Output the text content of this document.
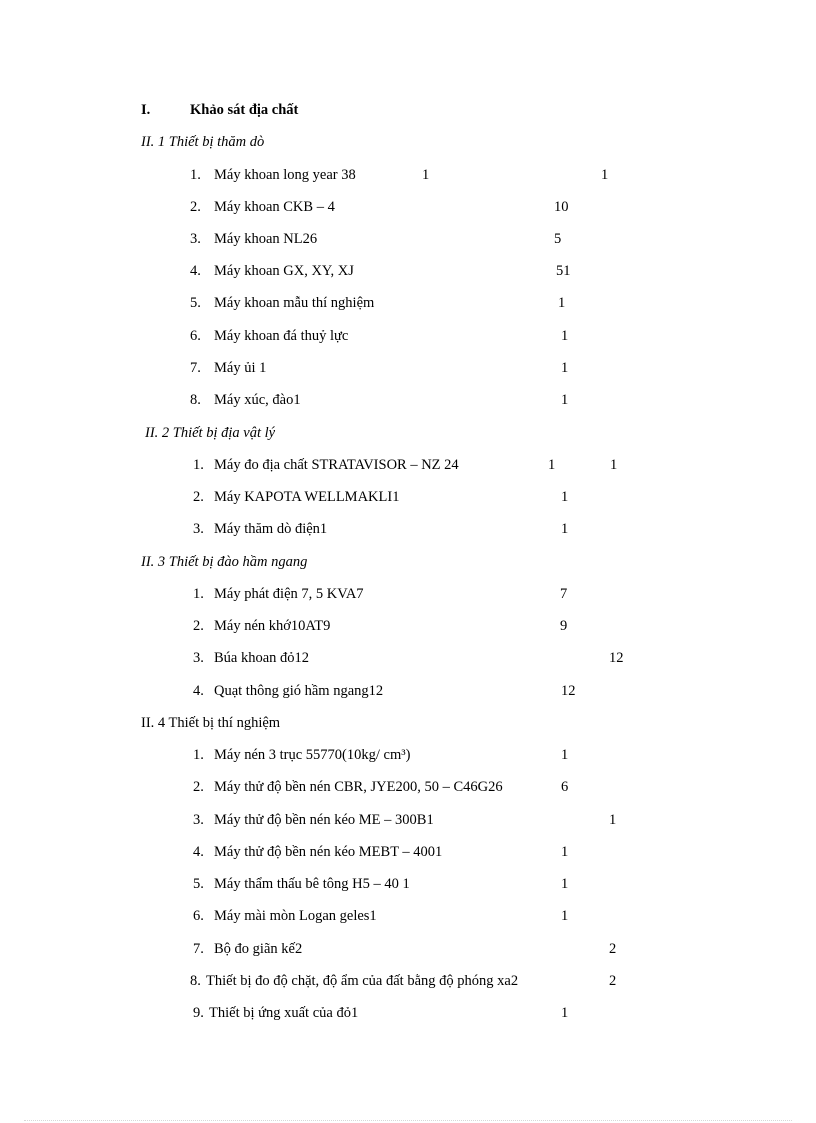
I.	Khảo sát địa chất
II. 1 Thiết bị thăm dò
1. Máy khoan long year 38	1	1
2. Máy khoan CKB – 4	10
3. Máy khoan NL26	5
4. Máy khoan GX, XY, XJ	51
5. Máy khoan mẫu thí nghiệm	1
6. Máy khoan đá thuỷ lực	1
7. Máy ủi 1	1
8. Máy xúc, đào1	1
II. 2 Thiết bị địa vật lý
1. Máy đo địa chất STRATAVISOR – NZ 24	1	1
2. Máy KAPOTA WELLMAKLI1	1
3. Máy thăm dò điện1	1
II. 3 Thiết bị đào hầm ngang
1. Máy phát điện 7, 5 KVA7	7
2. Máy nén khớ10AT9	9
3. Búa khoan đỏ12	12
4. Quạt thông gió hầm ngang12	12
II. 4 Thiết bị thí nghiệm
1. Máy nén 3 trục 55770(10kg/ cm³)	1
2. Máy thử độ bền nén CBR, JYE200, 50 – C46G26	6
3. Máy thử độ bền nén kéo ME – 300B1	1
4. Máy thử độ bền nén kéo MEBT – 4001	1
5. Máy thẩm thấu bê tông H5 – 40 1	1
6. Máy mài mòn Logan geles1	1
7. Bộ đo giãn kế2	2
8. Thiết bị đo độ chặt, độ ẩm của đất bằng độ phóng xa2	2
9. Thiết bị ứng xuất của đỏ1	1
